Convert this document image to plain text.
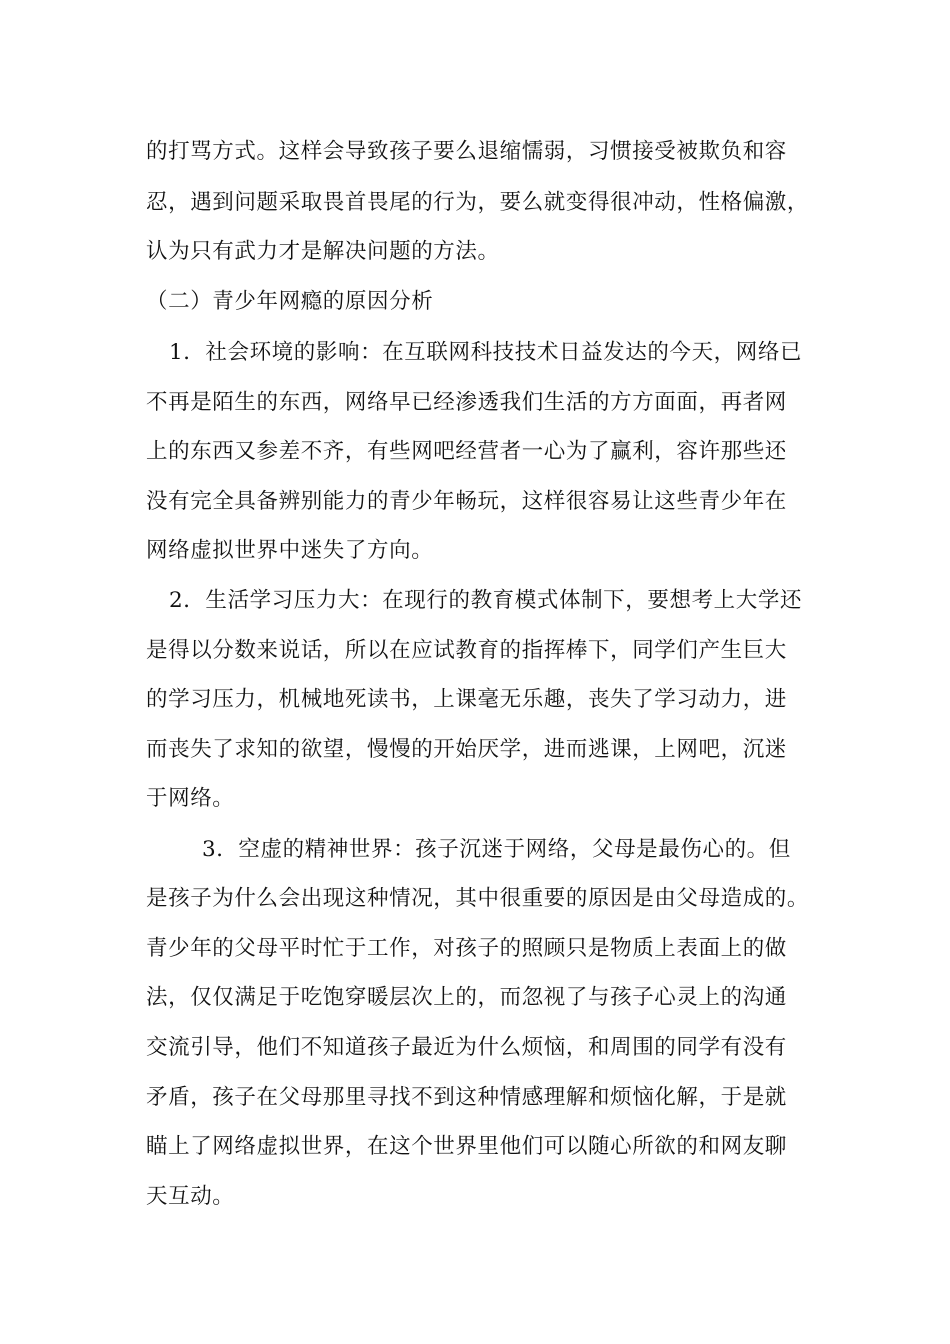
的打骂方式。这样会导致孩子要么退缩懦弱，习惯接受被欺负和容
忍，遇到问题采取畏首畏尾的行为，要么就变得很冲动，性格偏激，
认为只有武力才是解决问题的方法。
（二）青少年网瘾的原因分析
1．社会环境的影响：在互联网科技技术日益发达的今天，网络已
不再是陌生的东西，网络早已经渗透我们生活的方方面面，再者网
上的东西又参差不齐，有些网吧经营者一心为了赢利，容许那些还
没有完全具备辨别能力的青少年畅玩，这样很容易让这些青少年在
网络虚拟世界中迷失了方向。
2．生活学习压力大：在现行的教育模式体制下，要想考上大学还
是得以分数来说话，所以在应试教育的指挥棒下，同学们产生巨大
的学习压力，机械地死读书，上课毫无乐趣，丧失了学习动力，进
而丧失了求知的欲望，慢慢的开始厌学，进而逃课，上网吧，沉迷
于网络。
3．空虚的精神世界：孩子沉迷于网络，父母是最伤心的。但
是孩子为什么会出现这种情况，其中很重要的原因是由父母造成的。
青少年的父母平时忙于工作，对孩子的照顾只是物质上表面上的做
法，仅仅满足于吃饱穿暖层次上的，而忽视了与孩子心灵上的沟通
交流引导，他们不知道孩子最近为什么烦恼，和周围的同学有没有
矛盾，孩子在父母那里寻找不到这种情感理解和烦恼化解，于是就
瞄上了网络虚拟世界，在这个世界里他们可以随心所欲的和网友聊
天互动。
